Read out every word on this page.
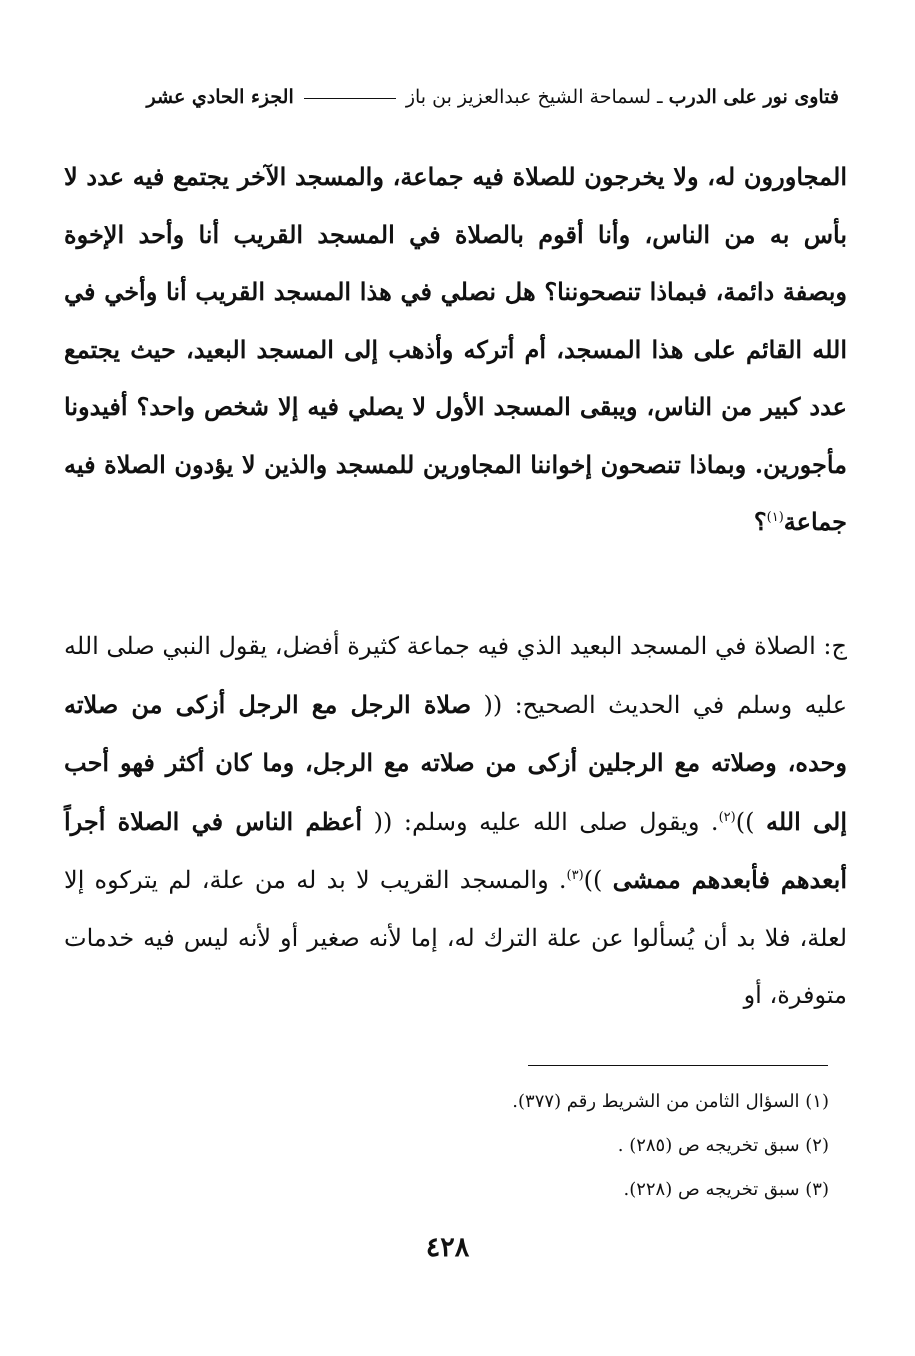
فتاوى نور على الدرب ـ لسماحة الشيخ عبدالعزيز بن باز  الجزء الحادي عشر

المجاورون له، ولا يخرجون للصلاة فيه جماعة، والمسجد الآخر يجتمع فيه عدد لا بأس به من الناس، وأنا أقوم بالصلاة في المسجد القريب أنا وأحد الإخوة وبصفة دائمة، فبماذا تنصحوننا؟ هل نصلي في هذا المسجد القريب أنا وأخي في الله القائم على هذا المسجد، أم أتركه وأذهب إلى المسجد البعيد، حيث يجتمع عدد كبير من الناس، ويبقى المسجد الأول لا يصلي فيه إلا شخص واحد؟ أفيدونا مأجورين. وبماذا تنصحون إخواننا المجاورين للمسجد والذين لا يؤدون الصلاة فيه جماعة$^{(١)}$؟

ج: الصلاة في المسجد البعيد الذي فيه جماعة كثيرة أفضل، يقول النبي صلى الله عليه وسلم في الحديث الصحيح: (( صلاة الرجل مع الرجل أزكى من صلاته وحده، وصلاته مع الرجلين أزكى من صلاته مع الرجل، وما كان أكثر فهو أحب إلى الله ))$^{(٢)}$. ويقول صلى الله عليه وسلم: (( أعظم الناس في الصلاة أجراً أبعدهم فأبعدهم ممشى ))$^{(٣)}$. والمسجد القريب لا بد له من علة، لم يتركوه إلا لعلة، فلا بد أن يُسألوا عن علة الترك له، إما لأنه صغير أو لأنه ليس فيه خدمات متوفرة، أو

(١) السؤال الثامن من الشريط رقم (٣٧٧).
(٢) سبق تخريجه ص (٢٨٥) .
(٣) سبق تخريجه ص (٢٢٨).
٤٢٨
